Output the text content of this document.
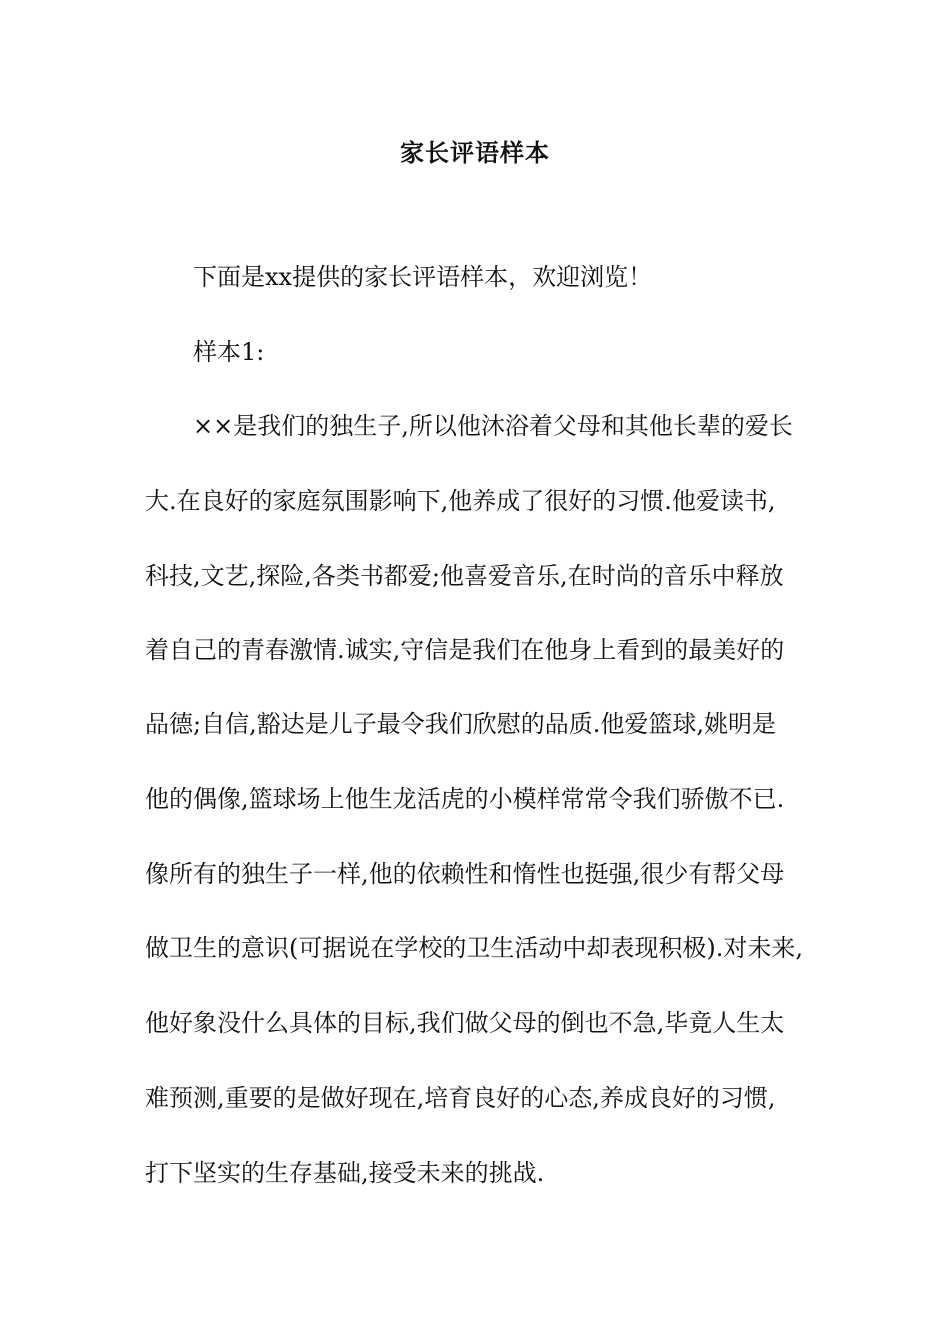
家长评语样本

下面是xx提供的家长评语样本，欢迎浏览！

样本1:

××是我们的独生子,所以他沐浴着父母和其他长辈的爱长

大.在良好的家庭氛围影响下,他养成了很好的习惯.他爱读书,

科技,文艺,探险,各类书都爱;他喜爱音乐,在时尚的音乐中释放

着自己的青春激情.诚实,守信是我们在他身上看到的最美好的

品德;自信,豁达是儿子最令我们欣慰的品质.他爱篮球,姚明是

他的偶像,篮球场上他生龙活虎的小模样常常令我们骄傲不已.

像所有的独生子一样,他的依赖性和惰性也挺强,很少有帮父母

做卫生的意识(可据说在学校的卫生活动中却表现积极).对未来,

他好象没什么具体的目标,我们做父母的倒也不急,毕竟人生太

难预测,重要的是做好现在,培育良好的心态,养成良好的习惯,

打下坚实的生存基础,接受未来的挑战.
